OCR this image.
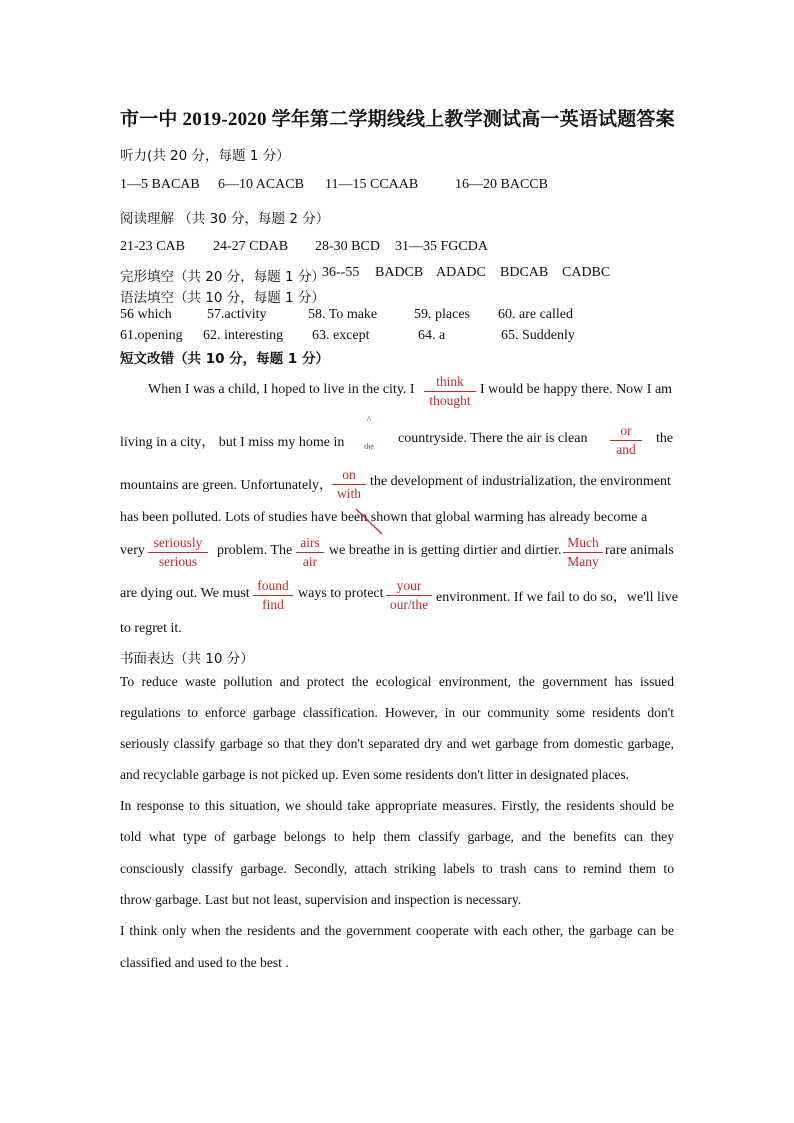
市一中 2019-2020 学年第二学期线线上教学测试高一英语试题答案
听力(共 20 分，每题 1 分）
1—5 BACAB 6—10 ACACB 11—15 CCAAB	16—20 BACCB
阅读理解 （共 30 分，每题 2 分）
21-23 CAB 24-27 CDAB 28-30 BCD 31—35 FGCDA
完形填空（共 20 分，每题 1 分）
36--55 BADCB ADADC BDCAB CADBC
语法填空（共 10 分，每题 1 分）
56 which	57.activity	58. To make	59. places 60. are called
61.opening 62. interesting 63. except	64. a	65. Suddenly
短文改错（共 10 分，每题 1 分）
When I was a child, I hoped to live in the city. I
think
thought
I would be happy there. Now I am
living in a city， but I miss my home in
^
the
countryside. There the air is clean
or
and
the
mountains are green. Unfortunately，
on
with
the development of industrialization, the environment
has been polluted. Lots of studies have been shown that global warming has already become a
very
seriously
serious
problem. The
airs
air
we breathe in is getting dirtier and dirtier.
Much
Many
rare animals
are dying out. We must
found
find
ways to protect
your
our/the environment. If we fail to do so，we'll live
to regret it.
书面表达（共 10 分）
To reduce waste pollution and protect the ecological environment, the government has issued
regulations to enforce garbage classification. However, in our community some residents don't
seriously classify garbage so that they don't separated dry and wet garbage from domestic garbage,
and recyclable garbage is not picked up. Even some residents don't litter in designated places.
In response to this situation, we should take appropriate measures. Firstly, the residents should be
told what type of garbage belongs to help them classify garbage, and the benefits can they
consciously classify garbage. Secondly, attach striking labels to trash cans to remind them to
throw garbage. Last but not least, supervision and inspection is necessary.
I think only when the residents and the government cooperate with each other, the garbage can be
classified and used to the best .
